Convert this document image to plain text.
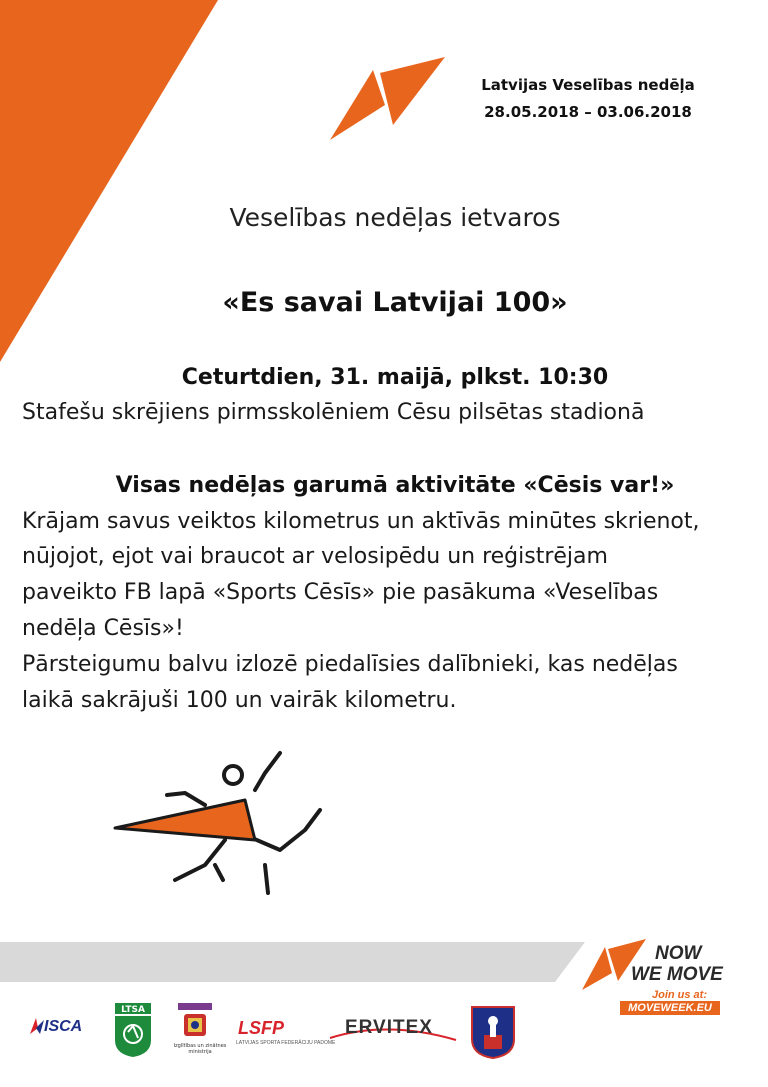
Latvijas Veselības nedēļa
28.05.2018 – 03.06.2018
Veselības nedēļas ietvaros
«Es savai Latvijai 100»
Ceturtdien, 31. maijā, plkst. 10:30
Stafešu skrējiens pirmsskolēniem Cēsu pilsētas stadionā
Visas nedēļas garumā aktivitāte «Cēsis var!»
Krājam savus veiktos kilometrus un aktīvās minūtes skrienot,
nūjojot, ejot vai braucot ar velosipēdu un reģistrējam
paveikto FB lapā «Sports Cēsīs» pie pasākuma «Veselības
nedēļa Cēsīs»!
Pārsteigumu balvu izlozē piedalīsies dalībnieki, kas nedēļas
laikā sakrājuši 100 un vairāk kilometru.
NOW
WE MOVE
Join us at:
MOVEWEEK.EU
ISCA
LTSA
Izglītības un zinātnes ministrija
LSFP
LATVIJAS SPORTA FEDERĀCIJU PADOME
ERVITEX
